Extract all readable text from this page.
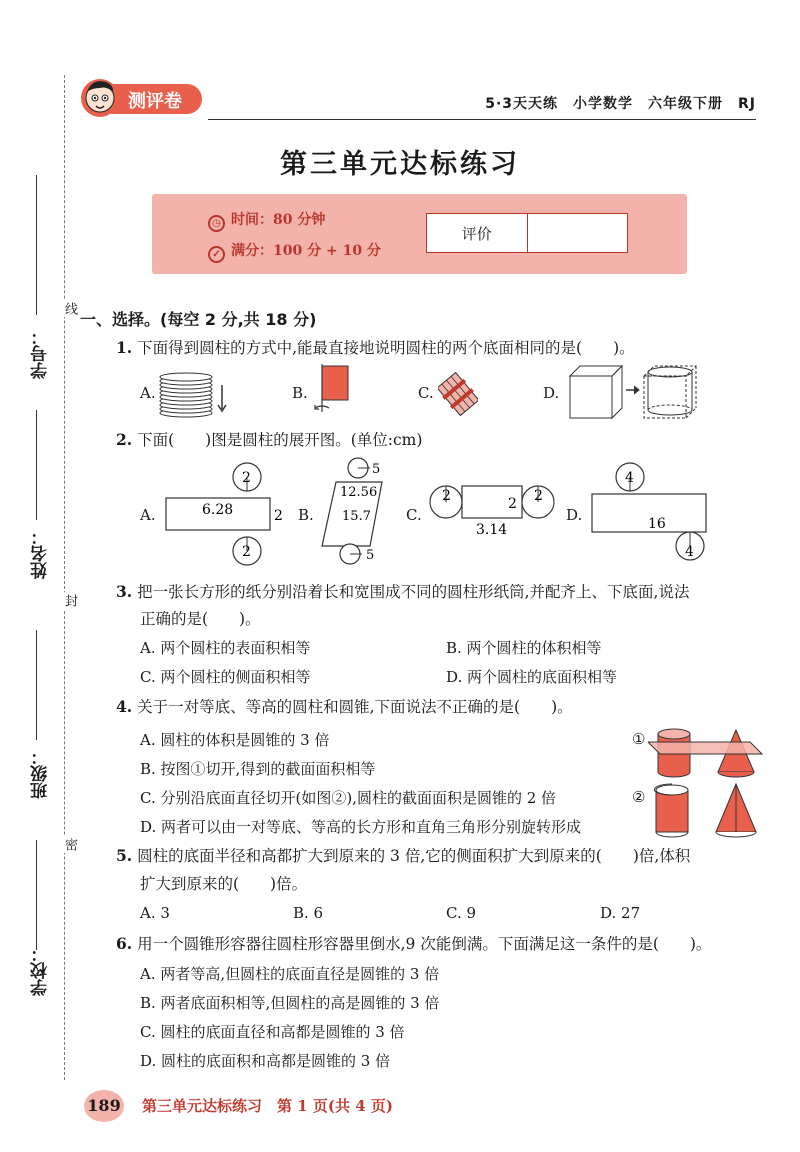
学号：
姓名：
班级：
学校：
线
封
密
测评卷	5·3天天练　小学数学　六年级下册　RJ
第三单元达标练习
◷ 时间：80 分钟
✓ 满分：100 分 + 10 分
评价
一、选择。(每空 2 分,共 18 分)
1. 下面得到圆柱的方式中,能最直接地说明圆柱的两个底面相同的是(　　)。
A.	B.	C.	D.
2. 下面(　　)图是圆柱的展开图。(单位:cm)
A.
2
2
6.28	2 B.
5
5
12.56
15.7 C.
2	2
2
3.14
D.
4
4
16
3. 把一张长方形的纸分别沿着长和宽围成不同的圆柱形纸筒,并配齐上、下底面,说法
正确的是(　　)。
A. 两个圆柱的表面积相等	B. 两个圆柱的体积相等
C. 两个圆柱的侧面积相等	D. 两个圆柱的底面积相等
4. 关于一对等底、等高的圆柱和圆锥,下面说法不正确的是(　　)。
A. 圆柱的体积是圆锥的 3 倍
B. 按图①切开,得到的截面面积相等
C. 分别沿底面直径切开(如图②),圆柱的截面面积是圆锥的 2 倍
D. 两者可以由一对等底、等高的长方形和直角三角形分别旋转形成
①
②
5. 圆柱的底面半径和高都扩大到原来的 3 倍,它的侧面积扩大到原来的(　　)倍,体积
扩大到原来的(　　)倍。
A. 3	B. 6	C. 9	D. 27
6. 用一个圆锥形容器往圆柱形容器里倒水,9 次能倒满。下面满足这一条件的是(　　)。
A. 两者等高,但圆柱的底面直径是圆锥的 3 倍
B. 两者底面积相等,但圆柱的高是圆锥的 3 倍
C. 圆柱的底面直径和高都是圆锥的 3 倍
D. 圆柱的底面积和高都是圆锥的 3 倍
189 第三单元达标练习　第 1 页(共 4 页)
